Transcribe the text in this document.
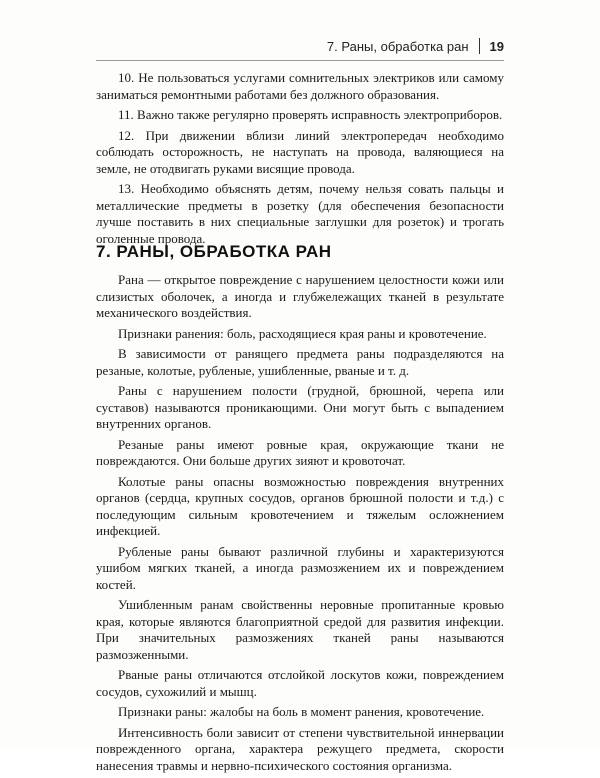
7. Раны, обработка ран 19

10. Не пользоваться услугами сомнительных электриков или самому заниматься ремонтными работами без должного образования.

11. Важно также регулярно проверять исправность электроприборов.

12. При движении вблизи линий электропередач необходимо соблюдать осторожность, не наступать на провода, валяющиеся на земле, не отодвигать руками висящие провода.

13. Необходимо объяснять детям, почему нельзя совать пальцы и металлические предметы в розетку (для обеспечения безопасности лучше поставить в них специальные заглушки для розеток) и трогать оголенные провода.

7. РАНЫ, ОБРАБОТКА РАН

Рана — открытое повреждение с нарушением целостности кожи или слизистых оболочек, а иногда и глубжележащих тканей в результате механического воздействия.

Признаки ранения: боль, расходящиеся края раны и кровотечение.

В зависимости от ранящего предмета раны подразделяются на резаные, колотые, рубленые, ушибленные, рваные и т. д.

Раны с нарушением полости (грудной, брюшной, черепа или суставов) называются проникающими. Они могут быть с выпадением внутренних органов.

Резаные раны имеют ровные края, окружающие ткани не повреждаются. Они больше других зияют и кровоточат.

Колотые раны опасны возможностью повреждения внутренних органов (сердца, крупных сосудов, органов брюшной полости и т.д.) с последующим сильным кровотечением и тяжелым осложнением инфекцией.

Рубленые раны бывают различной глубины и характеризуются ушибом мягких тканей, а иногда размозжением их и повреждением костей.

Ушибленным ранам свойственны неровные пропитанные кровью края, которые являются благоприятной средой для развития инфекции. При значительных размозжениях тканей раны называются размозженными.

Рваные раны отличаются отслойкой лоскутов кожи, повреждением сосудов, сухожилий и мышц.

Признаки раны: жалобы на боль в момент ранения, кровотечение.

Интенсивность боли зависит от степени чувствительной иннервации поврежденного органа, характера режущего предмета, скорости нанесения травмы и нервно-психического состояния организма.
